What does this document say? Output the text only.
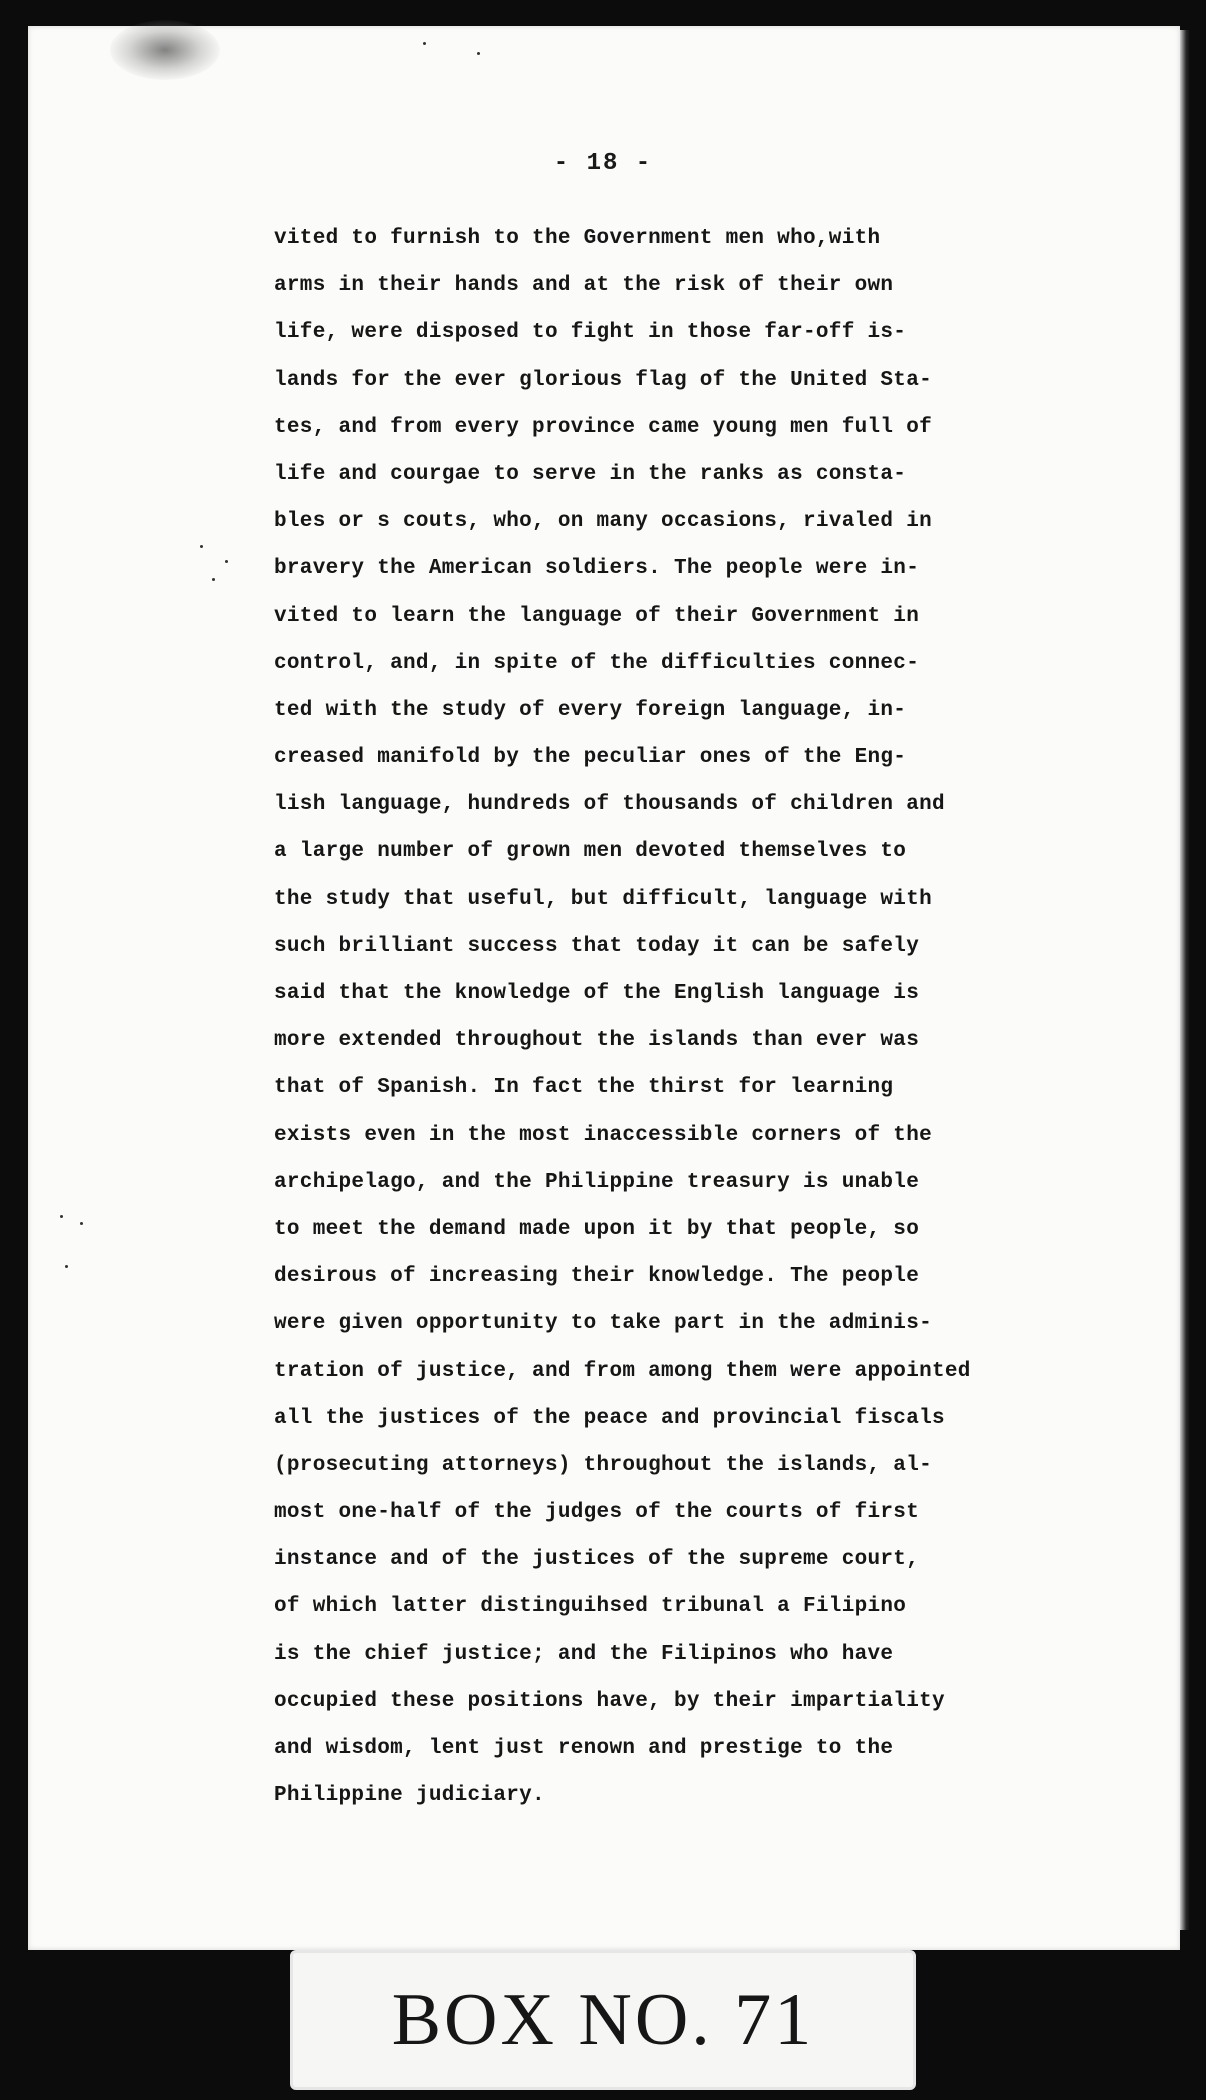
- 18 -
vited to furnish to the Government men who,with
arms in their hands and at the risk of their own
life, were disposed to fight in those far-off is-
lands for the ever glorious flag of the United Sta-
tes, and from every province came young men full of
life and courgae to serve in the ranks as consta-
bles or s couts, who, on many occasions, rivaled in
bravery the American soldiers. The people were in-
vited to learn the language of their Government in
control, and, in spite of the difficulties connec-
ted with the study of every foreign language, in-
creased manifold by the peculiar ones of the Eng-
lish language, hundreds of thousands of children and
a large number of grown men devoted themselves to
the study that useful, but difficult, language with
such brilliant success that today it can be safely
said that the knowledge of the English language is
more extended throughout the islands than ever was
that of Spanish. In fact the thirst for learning
exists even in the most inaccessible corners of the
archipelago, and the Philippine treasury is unable
to meet the demand made upon it by that people, so
desirous of increasing their knowledge. The people
were given opportunity to take part in the adminis-
tration of justice, and from among them were appointed
all the justices of the peace and provincial fiscals
(prosecuting attorneys) throughout the islands, al-
most one-half of the judges of the courts of first
instance and of the justices of the supreme court,
of which latter distinguihsed tribunal a Filipino
is the chief justice; and the Filipinos who have
occupied these positions have, by their impartiality
and wisdom, lent just renown and prestige to the
Philippine judiciary.
BOX NO. 71
